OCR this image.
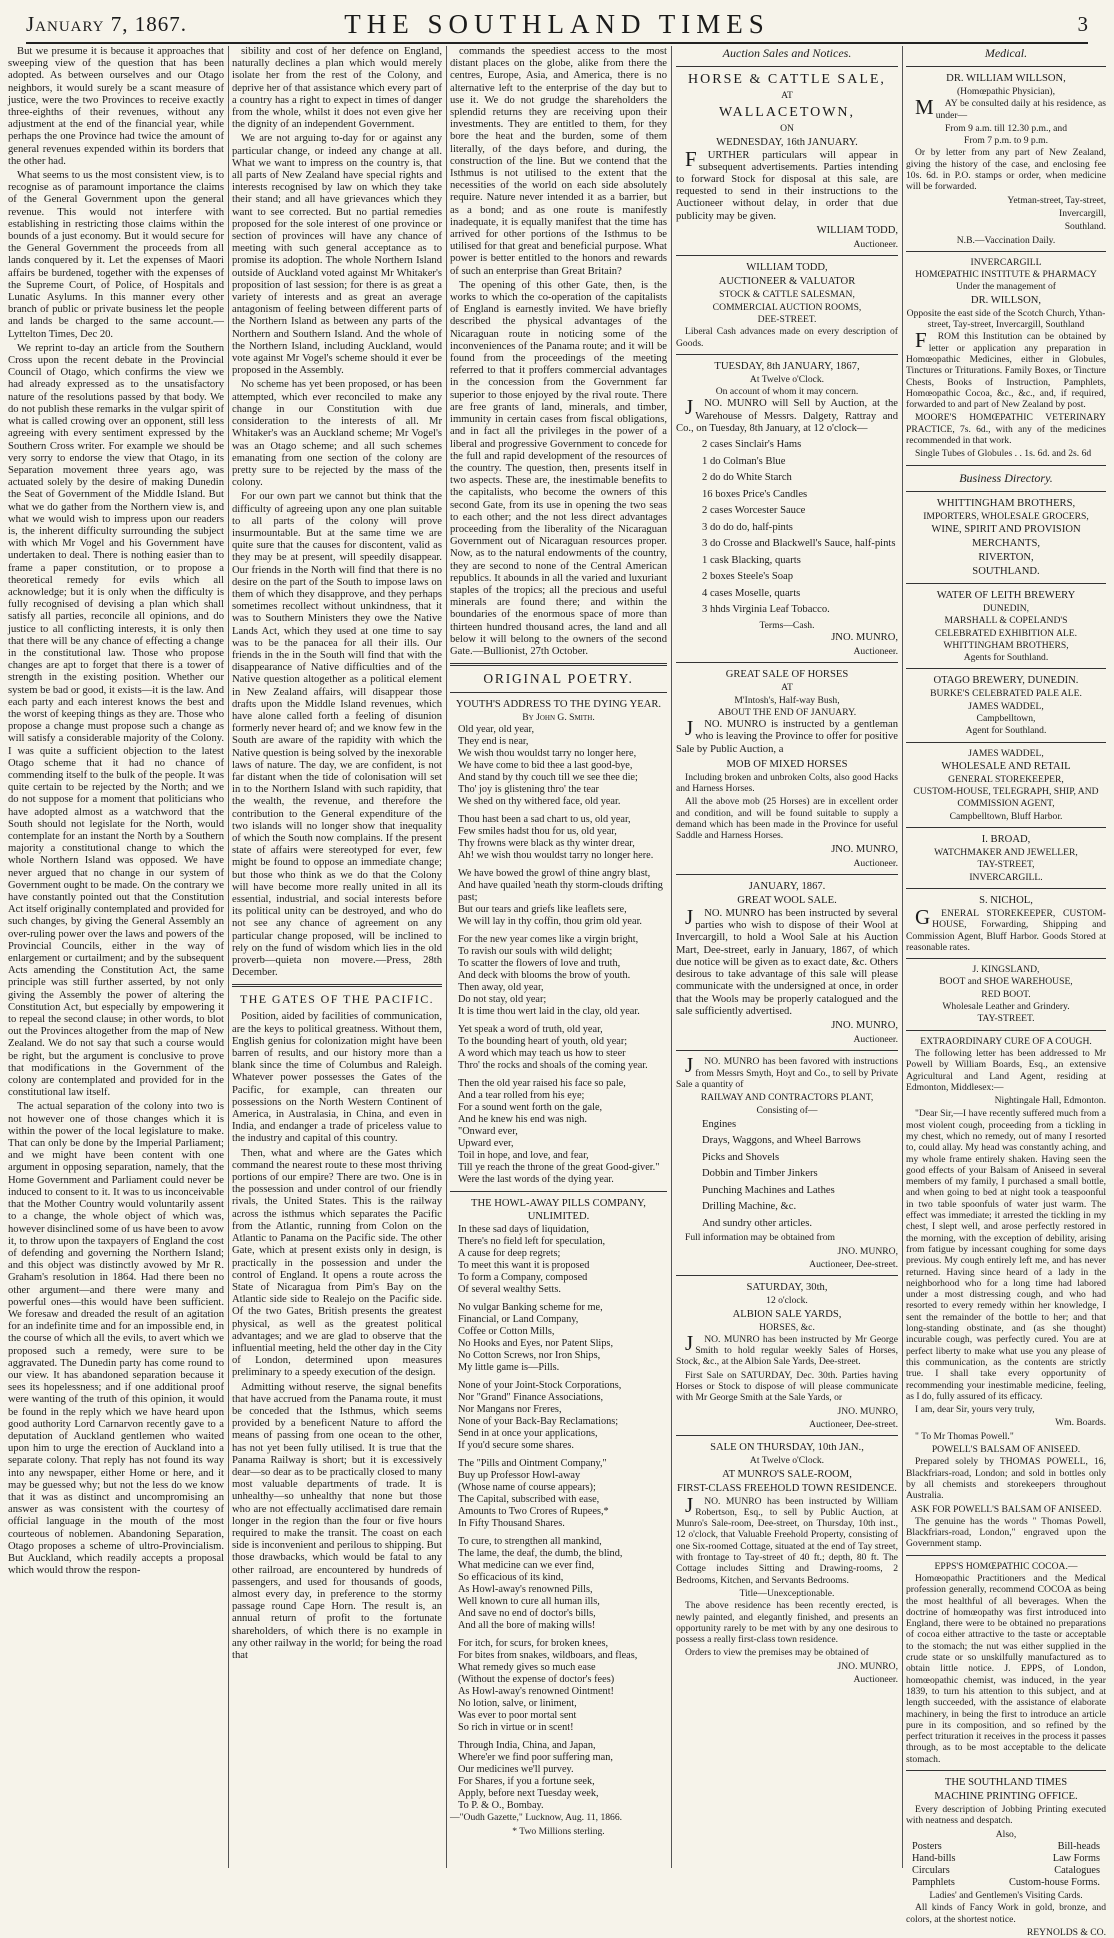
January 7, 1867.	THE SOUTHLAND TIMES	3

But we presume it is because it approaches that sweeping view of the question that has been adopted. As between ourselves and our Otago neighbors, it would surely be a scant measure of justice, were the two Provinces to receive exactly three-eighths of their revenues, without any adjustment at the end of the financial year, while perhaps the one Province had twice the amount of general revenues expended within its borders that the other had.

What seems to us the most consistent view, is to recognise as of paramount importance the claims of the General Government upon the general revenue. This would not interfere with establishing in restricting those claims within the bounds of a just economy. But it would secure for the General Government the proceeds from all lands conquered by it. Let the expenses of Maori affairs be burdened, together with the expenses of the Supreme Court, of Police, of Hospitals and Lunatic Asylums. In this manner every other branch of public or private business let the people and lands be charged to the same account.—Lyttelton Times, Dec 20.

We reprint to-day an article from the Southern Cross upon the recent debate in the Provincial Council of Otago, which confirms the view we had already expressed as to the unsatisfactory nature of the resolutions passed by that body. We do not publish these remarks in the vulgar spirit of what is called crowing over an opponent, still less agreeing with every sentiment expressed by the Southern Cross writer. For example we should be very sorry to endorse the view that Otago, in its Separation movement three years ago, was actuated solely by the desire of making Dunedin the Seat of Government of the Middle Island. But what we do gather from the Northern view is, and what we would wish to impress upon our readers is, the inherent difficulty surrounding the subject with which Mr Vogel and his Government have undertaken to deal. There is nothing easier than to frame a paper constitution, or to propose a theoretical remedy for evils which all acknowledge; but it is only when the difficulty is fully recognised of devising a plan which shall satisfy all parties, reconcile all opinions, and do justice to all conflicting interests, it is only then that there will be any chance of effecting a change in the constitutional law. Those who propose changes are apt to forget that there is a tower of strength in the existing position. Whether our system be bad or good, it exists—it is the law. And each party and each interest knows the best and the worst of keeping things as they are. Those who propose a change must propose such a change as will satisfy a considerable majority of the Colony. I was quite a sufficient objection to the latest Otago scheme that it had no chance of commending itself to the bulk of the people. It was quite certain to be rejected by the North; and we do not suppose for a moment that politicians who have adopted almost as a watchword that the South should not legislate for the North, would contemplate for an instant the North by a Southern majority a constitutional change to which the whole Northern Island was opposed. We have never argued that no change in our system of Government ought to be made. On the contrary we have constantly pointed out that the Constitution Act itself originally contemplated and provided for such changes, by giving the General Assembly an over-ruling power over the laws and powers of the Provincial Councils, either in the way of enlargement or curtailment; and by the subsequent Acts amending the Constitution Act, the same principle was still further asserted, by not only giving the Assembly the power of altering the Constitution Act, but especially by empowering it to repeal the second clause; in other words, to blot out the Provinces altogether from the map of New Zealand. We do not say that such a course would be right, but the argument is conclusive to prove that modifications in the Government of the colony are contemplated and provided for in the constitutional law itself.

The actual separation of the colony into two is not however one of those changes which it is within the power of the local legislature to make. That can only be done by the Imperial Parliament; and we might have been content with one argument in opposing separation, namely, that the Home Government and Parliament could never be induced to consent to it. It was to us inconceivable that the Mother Country would voluntarily assent to a change, the whole object of which was, however disinclined some of us have been to avow it, to throw upon the taxpayers of England the cost of defending and governing the Northern Island; and this object was distinctly avowed by Mr R. Graham's resolution in 1864. Had there been no other argument—and there were many and powerful ones—this would have been sufficient. We foresaw and dreaded the result of an agitation for an indefinite time and for an impossible end, in the course of which all the evils, to avert which we proposed such a remedy, were sure to be aggravated. The Dunedin party has come round to our view. It has abandoned separation because it sees its hopelessness; and if one additional proof were wanting of the truth of this opinion, it would be found in the reply which we have heard upon good authority Lord Carnarvon recently gave to a deputation of Auckland gentlemen who waited upon him to urge the erection of Auckland into a separate colony. That reply has not found its way into any newspaper, either Home or here, and it may be guessed why; but not the less do we know that it was as distinct and uncompromising an answer as was consistent with the courtesy of official language in the mouth of the most courteous of noblemen. Abandoning Separation, Otago proposes a scheme of ultro-Provincialism. But Auckland, which readily accepts a proposal which would throw the respon-

sibility and cost of her defence on England, naturally declines a plan which would merely isolate her from the rest of the Colony, and deprive her of that assistance which every part of a country has a right to expect in times of danger from the whole, whilst it does not even give her the dignity of an independent Government.

We are not arguing to-day for or against any particular change, or indeed any change at all. What we want to impress on the country is, that all parts of New Zealand have special rights and interests recognised by law on which they take their stand; and all have grievances which they want to see corrected. But no partial remedies proposed for the sole interest of one province or section of provinces will have any chance of meeting with such general acceptance as to promise its adoption. The whole Northern Island outside of Auckland voted against Mr Whitaker's proposition of last session; for there is as great a variety of interests and as great an average antagonism of feeling between different parts of the Northern Island as between any parts of the Northern and Southern Island. And the whole of the Northern Island, including Auckland, would vote against Mr Vogel's scheme should it ever be proposed in the Assembly.

No scheme has yet been proposed, or has been attempted, which ever reconciled to make any change in our Constitution with due consideration to the interests of all. Mr Whitaker's was an Auckland scheme; Mr Vogel's was an Otago scheme; and all such schemes emanating from one section of the colony are pretty sure to be rejected by the mass of the colony.

For our own part we cannot but think that the difficulty of agreeing upon any one plan suitable to all parts of the colony will prove insurmountable. But at the same time we are quite sure that the causes for discontent, valid as they may be at present, will speedily disappear. Our friends in the North will find that there is no desire on the part of the South to impose laws on them of which they disapprove, and they perhaps sometimes recollect without unkindness, that it was to Southern Ministers they owe the Native Lands Act, which they used at one time to say was to be the panacea for all their ills. Our friends in the in the South will find that with the disappearance of Native difficulties and of the Native question altogether as a political element in New Zealand affairs, will disappear those drafts upon the Middle Island revenues, which have alone called forth a feeling of disunion formerly never heard of; and we know few in the South are aware of the rapidity with which the Native question is being solved by the inexorable laws of nature. The day, we are confident, is not far distant when the tide of colonisation will set in to the Northern Island with such rapidity, that the wealth, the revenue, and therefore the contribution to the General expenditure of the two islands will no longer show that inequality of which the South now complains. If the present state of affairs were stereotyped for ever, few might be found to oppose an immediate change; but those who think as we do that the Colony will have become more really united in all its essential, industrial, and social interests before its political unity can be destroyed, and who do not see any chance of agreement on any particular change proposed, will be inclined to rely on the fund of wisdom which lies in the old proverb—quieta non movere.—Press, 28th December.

THE GATES OF THE PACIFIC.

Position, aided by facilities of communication, are the keys to political greatness. Without them, English genius for colonization might have been barren of results, and our history more than a blank since the time of Columbus and Raleigh. Whatever power possesses the Gates of the Pacific, for example, can threaten our possessions on the North Western Continent of America, in Australasia, in China, and even in India, and endanger a trade of priceless value to the industry and capital of this country.

Then, what and where are the Gates which command the nearest route to these most thriving portions of our empire? There are two. One is in the possession and under control of our friendly rivals, the United States. This is the railway across the isthmus which separates the Pacific from the Atlantic, running from Colon on the Atlantic to Panama on the Pacific side. The other Gate, which at present exists only in design, is practically in the possession and under the control of England. It opens a route across the State of Nicaragua from Pim's Bay on the Atlantic side side to Realejo on the Pacific side. Of the two Gates, British presents the greatest physical, as well as the greatest political advantages; and we are glad to observe that the influential meeting, held the other day in the City of London, determined upon measures preliminary to a speedy execution of the design.

Admitting without reserve, the signal benefits that have accrued from the Panama route, it must be conceded that the Isthmus, which seems provided by a beneficent Nature to afford the means of passing from one ocean to the other, has not yet been fully utilised. It is true that the Panama Railway is short; but it is excessively dear—so dear as to be practically closed to many most valuable departments of trade. It is unhealthy—so unhealthy that none but those who are not effectually acclimatised dare remain longer in the region than the four or five hours required to make the transit. The coast on each side is inconvenient and perilous to shipping. But those drawbacks, which would be fatal to any other railroad, are encountered by hundreds of passengers, and used for thousands of goods, almost every day, in preference to the stormy passage round Cape Horn. The result is, an annual return of profit to the fortunate shareholders, of which there is no example in any other railway in the world; for being the road that

commands the speediest access to the most distant places on the globe, alike from there the centres, Europe, Asia, and America, there is no alternative left to the enterprise of the day but to use it. We do not grudge the shareholders the splendid returns they are receiving upon their investments. They are entitled to them, for they bore the heat and the burden, some of them literally, of the days before, and during, the construction of the line. But we contend that the Isthmus is not utilised to the extent that the necessities of the world on each side absolutely require. Nature never intended it as a barrier, but as a bond; and as one route is manifestly inadequate, it is equally manifest that the time has arrived for other portions of the Isthmus to be utilised for that great and beneficial purpose. What power is better entitled to the honors and rewards of such an enterprise than Great Britain?

The opening of this other Gate, then, is the works to which the co-operation of the capitalists of England is earnestly invited. We have briefly described the physical advantages of the Nicaraguan route in noticing some of the inconveniences of the Panama route; and it will be found from the proceedings of the meeting referred to that it proffers commercial advantages in the concession from the Government far superior to those enjoyed by the rival route. There are free grants of land, minerals, and timber, immunity in certain cases from fiscal obligations, and in fact all the privileges in the power of a liberal and progressive Government to concede for the full and rapid development of the resources of the country. The question, then, presents itself in two aspects. These are, the inestimable benefits to the capitalists, who become the owners of this second Gate, from its use in opening the two seas to each other; and the not less direct advantages proceeding from the liberality of the Nicaraguan Government out of Nicaraguan resources proper. Now, as to the natural endowments of the country, they are second to none of the Central American republics. It abounds in all the varied and luxuriant staples of the tropics; all the precious and useful minerals are found there; and within the boundaries of the enormous space of more than thirteen hundred thousand acres, the land and all below it will belong to the owners of the second Gate.—Bullionist, 27th October.

ORIGINAL POETRY.
YOUTH'S ADDRESS TO THE DYING YEAR.
By John G. Smith.

Old year, old year,

They end is near,

We wish thou wouldst tarry no longer here,

We have come to bid thee a last good-bye,

And stand by thy couch till we see thee die;

Tho' joy is glistening thro' the tear

We shed on thy withered face, old year.

Thou hast been a sad chart to us, old year,

Few smiles hadst thou for us, old year,

Thy frowns were black as thy winter drear,

Ah! we wish thou wouldst tarry no longer here.

We have bowed the growl of thine angry blast,

And have quailed 'neath thy storm-clouds drifting past;

But our tears and griefs like leaflets sere,

We will lay in thy coffin, thou grim old year.

For the new year comes like a virgin bright,

To ravish our souls with wild delight;

To scatter the flowers of love and truth,

And deck with blooms the brow of youth.

Then away, old year,

Do not stay, old year;

It is time thou wert laid in the clay, old year.

Yet speak a word of truth, old year,

To the bounding heart of youth, old year;

A word which may teach us how to steer

Thro' the rocks and shoals of the coming year.

Then the old year raised his face so pale,

And a tear rolled from his eye;

For a sound went forth on the gale,

And he knew his end was nigh.

"Onward ever,

Upward ever,

Toil in hope, and love, and fear,

Till ye reach the throne of the great Good-giver."

Were the last words of the dying year.

THE HOWL-AWAY PILLS COMPANY, UNLIMITED.

In these sad days of liquidation,

There's no field left for speculation,

A cause for deep regrets;

To meet this want it is proposed

To form a Company, composed

Of several wealthy Setts.

No vulgar Banking scheme for me,

Financial, or Land Company,

Coffee or Cotton Mills,

No Hooks and Eyes, nor Patent Slips,

No Cotton Screws, nor Iron Ships,

My little game is—Pills.

None of your Joint-Stock Corporations,

Nor "Grand" Finance Associations,

Nor Mangans nor Freres,

None of your Back-Bay Reclamations;

Send in at once your applications,

If you'd secure some shares.

The "Pills and Ointment Company,"

Buy up Professor Howl-away

(Whose name of course appears);

The Capital, subscribed with ease,

Amounts to Two Crores of Rupees,*

In Fifty Thousand Shares.

To cure, to strengthen all mankind,

The lame, the deaf, the dumb, the blind,

What medicine can we ever find,

So efficacious of its kind,

As Howl-away's renowned Pills,

Well known to cure all human ills,

And save no end of doctor's bills,

And all the bore of making wills!

For itch, for scurs, for broken knees,

For bites from snakes, wildboars, and fleas,

What remedy gives so much ease

(Without the expense of doctor's fees)

As Howl-away's renowned Ointment!

No lotion, salve, or liniment,

Was ever to poor mortal sent

So rich in virtue or in scent!

Through India, China, and Japan,

Where'er we find poor suffering man,

Our medicines we'll purvey.

For Shares, if you a fortune seek,

Apply, before next Tuesday week,

To P. & O., Bombay.

—"Oudh Gazette," Lucknow, Aug. 11, 1866.

* Two Millions sterling.

Auction Sales and Notices.
HORSE & CATTLE SALE,
AT
WALLACETOWN,
ON
WEDNESDAY, 16th JANUARY.

FURTHER particulars will appear in subsequent advertisements. Parties intending to forward Stock for disposal at this sale, are requested to send in their instructions to the Auctioneer without delay, in order that due publicity may be given.

WILLIAM TODD,

Auctioneer.

WILLIAM TODD,
AUCTIONEER & VALUATOR
STOCK & CATTLE SALESMAN,
COMMERCIAL AUCTION ROOMS,
DEE-STREET.

Liberal Cash advances made on every description of Goods.

TUESDAY, 8th JANUARY, 1867,
At Twelve o'Clock.
On account of whom it may concern.

JNO. MUNRO will Sell by Auction, at the Warehouse of Messrs. Dalgety, Rattray and Co., on Tuesday, 8th January, at 12 o'clock—

2 cases Sinclair's Hams

1 do Colman's Blue

2 do do White Starch

16 boxes Price's Candles

2 cases Worcester Sauce

3 do do do, half-pints

3 do Crosse and Blackwell's Sauce, half-pints

1 cask Blacking, quarts

2 boxes Steele's Soap

4 cases Moselle, quarts

3 hhds Virginia Leaf Tobacco.

Terms—Cash.

JNO. MUNRO,

Auctioneer.

GREAT SALE OF HORSES
AT
M'Intosh's, Half-way Bush,
ABOUT THE END OF JANUARY.

JNO. MUNRO is instructed by a gentleman who is leaving the Province to offer for positive Sale by Public Auction, a

MOB OF MIXED HORSES

Including broken and unbroken Colts, also good Hacks and Harness Horses.

All the above mob (25 Horses) are in excellent order and condition, and will be found suitable to supply a demand which has been made in the Province for useful Saddle and Harness Horses.

JNO. MUNRO,

Auctioneer.

JANUARY, 1867.
GREAT WOOL SALE.

JNO. MUNRO has been instructed by several parties who wish to dispose of their Wool at Invercargill, to hold a Wool Sale at his Auction Mart, Dee-street, early in January, 1867, of which due notice will be given as to exact date, &c. Others desirous to take advantage of this sale will please communicate with the undersigned at once, in order that the Wools may be properly catalogued and the sale sufficiently advertised.

JNO. MUNRO,

Auctioneer.

JNO. MUNRO has been favored with instructions from Messrs Smyth, Hoyt and Co., to sell by Private Sale a quantity of

RAILWAY AND CONTRACTORS PLANT,
Consisting of—

Engines

Drays, Waggons, and Wheel Barrows

Picks and Shovels

Dobbin and Timber Jinkers

Punching Machines and Lathes

Drilling Machine, &c.

And sundry other articles.

Full information may be obtained from

JNO. MUNRO,

Auctioneer, Dee-street.

SATURDAY, 30th,
12 o'clock.
ALBION SALE YARDS,
HORSES, &c.

JNO. MUNRO has been instructed by Mr George Smith to hold regular weekly Sales of Horses, Stock, &c., at the Albion Sale Yards, Dee-street.

First Sale on SATURDAY, Dec. 30th. Parties having Horses or Stock to dispose of will please communicate with Mr George Smith at the Sale Yards, or

JNO. MUNRO,

Auctioneer, Dee-street.

SALE ON THURSDAY, 10th JAN.,
At Twelve o'Clock.
AT MUNRO'S SALE-ROOM,
FIRST-CLASS FREEHOLD TOWN RESIDENCE.

JNO. MUNRO has been instructed by William Robertson, Esq., to sell by Public Auction, at Munro's Sale-room, Dee-street, on Thursday, 10th inst., 12 o'clock, that Valuable Freehold Property, consisting of one Six-roomed Cottage, situated at the end of Tay street, with frontage to Tay-street of 40 ft.; depth, 80 ft. The Cottage includes Sitting and Drawing-rooms, 2 Bedrooms, Kitchen, and Servants Bedrooms.

Title—Unexceptionable.

The above residence has been recently erected, is newly painted, and elegantly finished, and presents an opportunity rarely to be met with by any one desirous to possess a really first-class town residence.

Orders to view the premises may be obtained of

JNO. MUNRO,

Auctioneer.

Medical.
DR. WILLIAM WILLSON,
(Homœpathic Physician),

MAY be consulted daily at his residence, as under—

From 9 a.m. till 12.30 p.m., and
From 7 p.m. to 9 p.m.

Or by letter from any part of New Zealand, giving the history of the case, and enclosing fee 10s. 6d. in P.O. stamps or order, when medicine will be forwarded.

Yetman-street, Tay-street,

Invercargill,

Southland.

N.B.—Vaccination Daily.
INVERCARGILL
HOMŒPATHIC INSTITUTE & PHARMACY
Under the management of
DR. WILLSON,
Opposite the east side of the Scotch Church, Ythan-street, Tay-street, Invercargill, Southland

FROM this Institution can be obtained by letter or application any preparation in Homœopathic Medicines, either in Globules, Tinctures or Triturations. Family Boxes, or Tincture Chests, Books of Instruction, Pamphlets, Homœopathic Cocoa, &c., &c., and, if required, forwarded to and part of New Zealand by post.

MOORE'S HOMŒPATHIC VETERINARY PRACTICE, 7s. 6d., with any of the medicines recommended in that work.

Single Tubes of Globules . . 1s. 6d. and 2s. 6d

Business Directory.
WHITTINGHAM BROTHERS,
IMPORTERS, WHOLESALE GROCERS,
WINE, SPIRIT AND PROVISION
MERCHANTS,
RIVERTON,
SOUTHLAND.
WATER OF LEITH BREWERY
DUNEDIN,
MARSHALL & COPELAND'S
CELEBRATED EXHIBITION ALE.
WHITTINGHAM BROTHERS,
Agents for Southland.
OTAGO BREWERY, DUNEDIN.
BURKE'S CELEBRATED PALE ALE.
JAMES WADDEL,
Campbelltown,
Agent for Southland.
JAMES WADDEL,
WHOLESALE AND RETAIL
GENERAL STOREKEEPER,
CUSTOM-HOUSE, TELEGRAPH, SHIP, AND
COMMISSION AGENT,
Campbelltown, Bluff Harbor.
I. BROAD,
WATCHMAKER AND JEWELLER,
TAY-STREET,
INVERCARGILL.
S. NICHOL,

GENERAL STOREKEEPER, CUSTOM-HOUSE, Forwarding, Shipping and Commission Agent, Bluff Harbor. Goods Stored at reasonable rates.

J. KINGSLAND,
BOOT and SHOE WAREHOUSE,
RED BOOT.
Wholesale Leather and Grindery.
TAY-STREET.
EXTRAORDINARY CURE OF A COUGH.

The following letter has been addressed to Mr Powell by William Boards, Esq., an extensive Agricultural and Land Agent, residing at Edmonton, Middlesex:—

Nightingale Hall, Edmonton.

"Dear Sir,—I have recently suffered much from a most violent cough, proceeding from a tickling in my chest, which no remedy, out of many I resorted to, could allay. My head was constantly aching, and my whole frame entirely shaken. Having seen the good effects of your Balsam of Aniseed in several members of my family, I purchased a small bottle, and when going to bed at night took a teaspoonful in two table spoonfuls of water just warm. The effect was immediate; it arrested the tickling in my chest, I slept well, and arose perfectly restored in the morning, with the exception of debility, arising from fatigue by incessant coughing for some days previous. My cough entirely left me, and has never returned. Having since heard of a lady in the neighborhood who for a long time had labored under a most distressing cough, and who had resorted to every remedy within her knowledge, I sent the remainder of the bottle to her; and that long-standing obstinate, and (as she thought) incurable cough, was perfectly cured. You are at perfect liberty to make what use you any please of this communication, as the contents are strictly true. I shall take every opportunity of recommending your inestimable medicine, feeling, as I do, fully assured of its efficacy.

I am, dear Sir, yours very truly,

Wm. Boards.

" To Mr Thomas Powell."

POWELL'S BALSAM OF ANISEED.

Prepared solely by THOMAS POWELL, 16, Blackfriars-road, London; and sold in bottles only by all chemists and storekeepers throughout Australia.

ASK FOR POWELL'S BALSAM OF ANISEED.

The genuine has the words " Thomas Powell, Blackfriars-road, London," engraved upon the Government stamp.

EPPS'S HOMŒPATHIC COCOA.—

Homœopathic Practitioners and the Medical profession generally, recommend COCOA as being the most healthful of all beverages. When the doctrine of homœopathy was first introduced into England, there were to be obtained no preparations of cocoa either attractive to the taste or acceptable to the stomach; the nut was either supplied in the crude state or so unskilfully manufactured as to obtain little notice. J. EPPS, of London, homœopathic chemist, was induced, in the year 1839, to turn his attention to this subject, and at length succeeded, with the assistance of elaborate machinery, in being the first to introduce an article pure in its composition, and so refined by the perfect trituration it receives in the process it passes through, as to be most acceptable to the delicate stomach.

THE SOUTHLAND TIMES
MACHINE PRINTING OFFICE.

Every description of Jobbing Printing executed with neatness and despatch.

Also,
Posters	Bill-heads
Hand-bills	Law Forms
Circulars	Catalogues
Pamphlets	Custom-house Forms.
Ladies' and Gentlemen's Visiting Cards.

All kinds of Fancy Work in gold, bronze, and colors, at the shortest notice.

REYNOLDS & CO.
